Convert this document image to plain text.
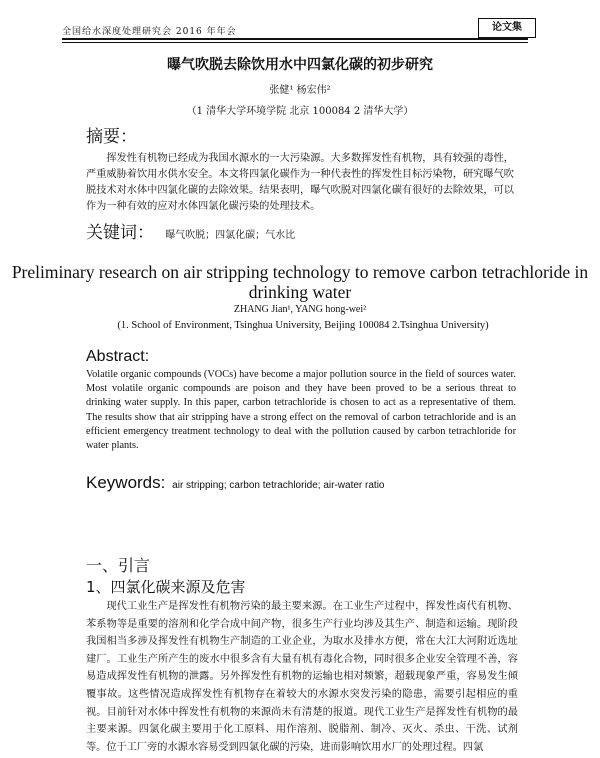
全国给水深度处理研究会 2016 年年会	论文集
曝气吹脱去除饮用水中四氯化碳的初步研究
张健¹ 杨宏伟²
（1 清华大学环境学院 北京 100084 2 清华大学）
摘要：
挥发性有机物已经成为我国水源水的一大污染源。大多数挥发性有机物，具有较强的毒性，严重威胁着饮用水供水安全。本文将四氯化碳作为一种代表性的挥发性目标污染物，研究曝气吹脱技术对水体中四氯化碳的去除效果。结果表明，曝气吹脱对四氯化碳有很好的去除效果，可以作为一种有效的应对水体四氯化碳污染的处理技术。
关键词： 曝气吹脱；四氯化碳；气水比
Preliminary research on air stripping technology to remove carbon tetrachloride in drinking water
ZHANG Jian¹, YANG hong-wei²
(1. School of Environment, Tsinghua University, Beijing 100084 2.Tsinghua University)
Abstract:
Volatile organic compounds (VOCs) have become a major pollution source in the field of sources water. Most volatile organic compounds are poison and they have been proved to be a serious threat to drinking water supply. In this paper, carbon tetrachloride is chosen to act as a representative of them. The results show that air stripping have a strong effect on the removal of carbon tetrachloride and is an efficient emergency treatment technology to deal with the pollution caused by carbon tetrachloride for water plants.
Keywords: air stripping; carbon tetrachloride; air-water ratio
一、引言
1、四氯化碳来源及危害
现代工业生产是挥发性有机物污染的最主要来源。在工业生产过程中，挥发性卤代有机物、苯系物等是重要的溶剂和化学合成中间产物，很多生产行业均涉及其生产、制造和运输。现阶段我国相当多涉及挥发性有机物生产制造的工业企业，为取水及排水方便，常在大江大河附近选址建厂。工业生产所产生的废水中很多含有大量有机有毒化合物，同时很多企业安全管理不善，容易造成挥发性有机物的泄露。另外挥发性有机物的运输也相对频繁，超载现象严重，容易发生倾覆事故。这些情况造成挥发性有机物存在着较大的水源水突发污染的隐患，需要引起相应的重视。目前针对水体中挥发性有机物的来源尚未有清楚的报道。现代工业生产是挥发性有机物的最主要来源。四氯化碳主要用于化工原料、用作溶剂、脱脂剂、制冷、灭火、杀虫、干洗、试剂等。位于工厂旁的水源水容易受到四氯化碳的污染，进而影响饮用水厂的处理过程。四氯
